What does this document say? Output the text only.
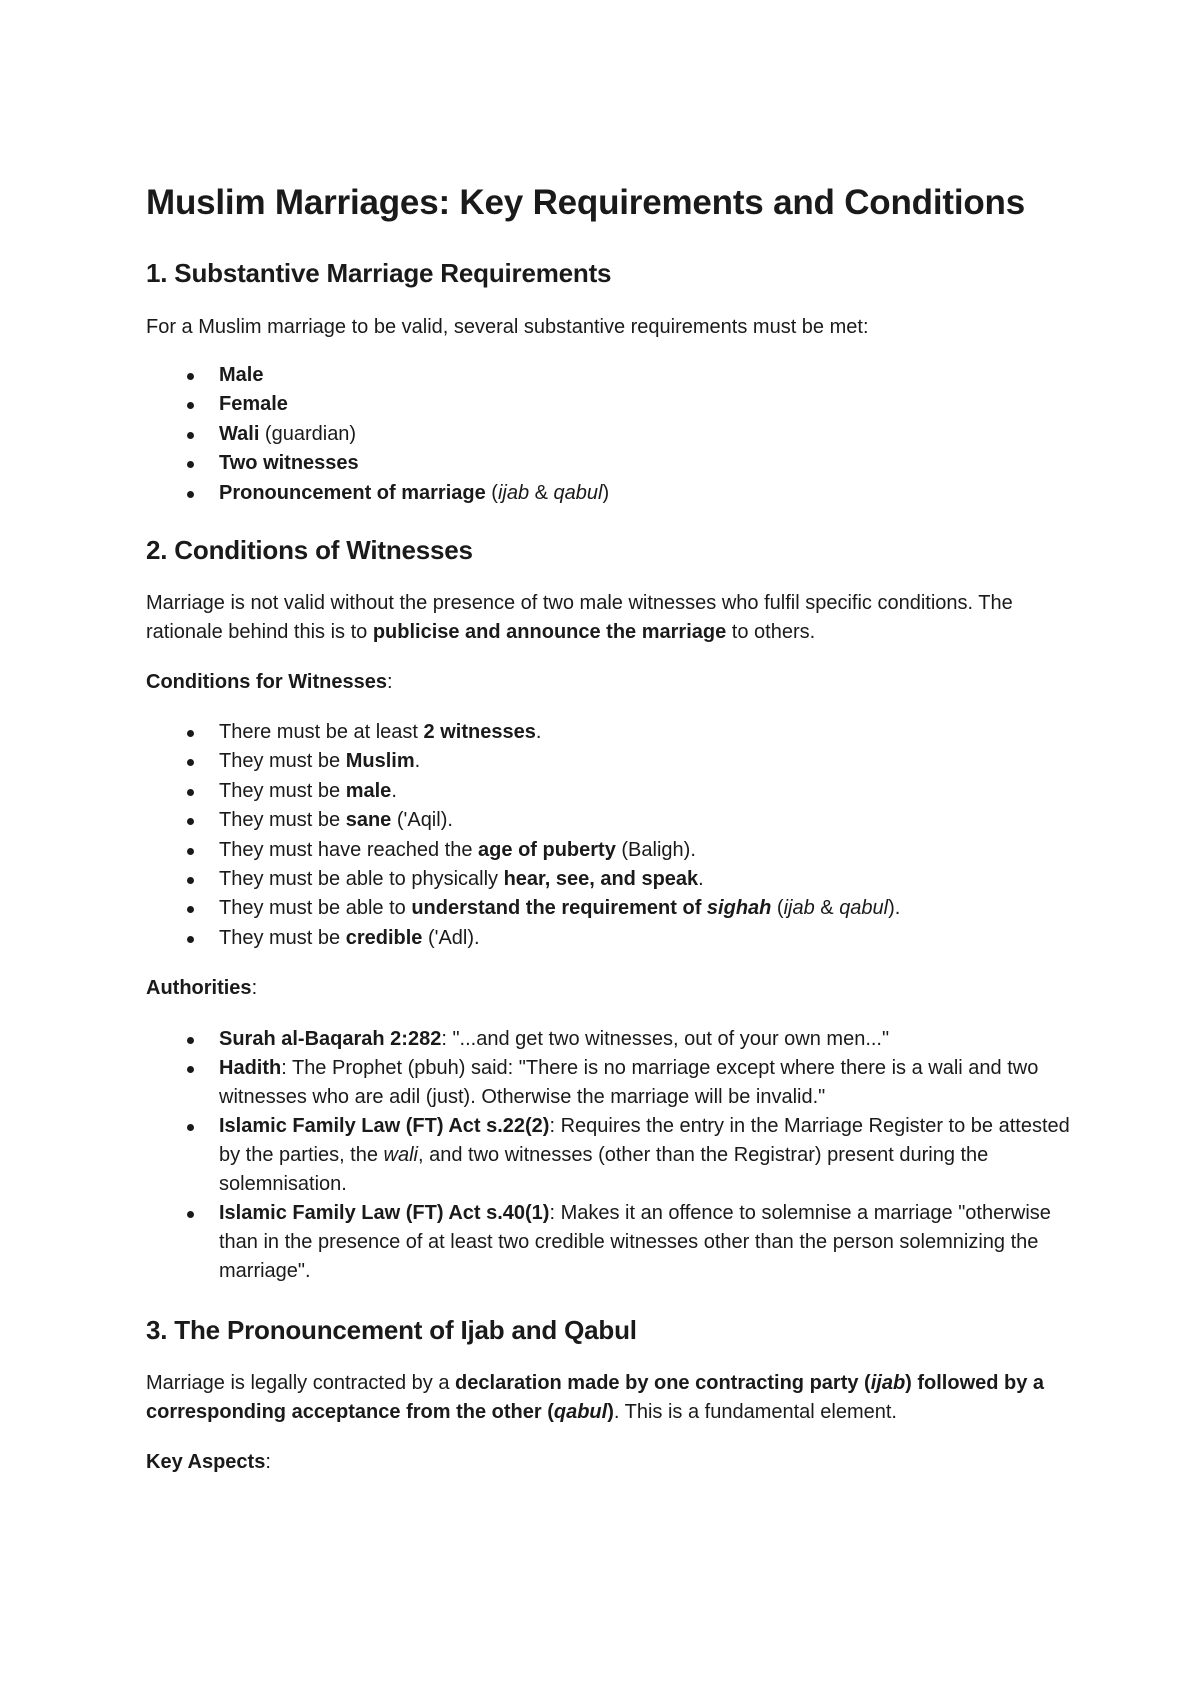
Muslim Marriages: Key Requirements and Conditions
1. Substantive Marriage Requirements

For a Muslim marriage to be valid, several substantive requirements must be met:

Male
Female
Wali (guardian)
Two witnesses
Pronouncement of marriage (ijab & qabul)
2. Conditions of Witnesses

Marriage is not valid without the presence of two male witnesses who fulfil specific conditions. The rationale behind this is to publicise and announce the marriage to others.

Conditions for Witnesses:

There must be at least 2 witnesses.
They must be Muslim.
They must be male.
They must be sane ('Aqil).
They must have reached the age of puberty (Baligh).
They must be able to physically hear, see, and speak.
They must be able to understand the requirement of sighah (ijab & qabul).
They must be credible ('Adl).

Authorities:

Surah al-Baqarah 2:282: "...and get two witnesses, out of your own men..."
Hadith: The Prophet (pbuh) said: "There is no marriage except where there is a wali and two witnesses who are adil (just). Otherwise the marriage will be invalid."
Islamic Family Law (FT) Act s.22(2): Requires the entry in the Marriage Register to be attested by the parties, the wali, and two witnesses (other than the Registrar) present during the solemnisation.
Islamic Family Law (FT) Act s.40(1): Makes it an offence to solemnise a marriage "otherwise than in the presence of at least two credible witnesses other than the person solemnizing the marriage".
3. The Pronouncement of Ijab and Qabul

Marriage is legally contracted by a declaration made by one contracting party (ijab) followed by a corresponding acceptance from the other (qabul). This is a fundamental element.

Key Aspects:
